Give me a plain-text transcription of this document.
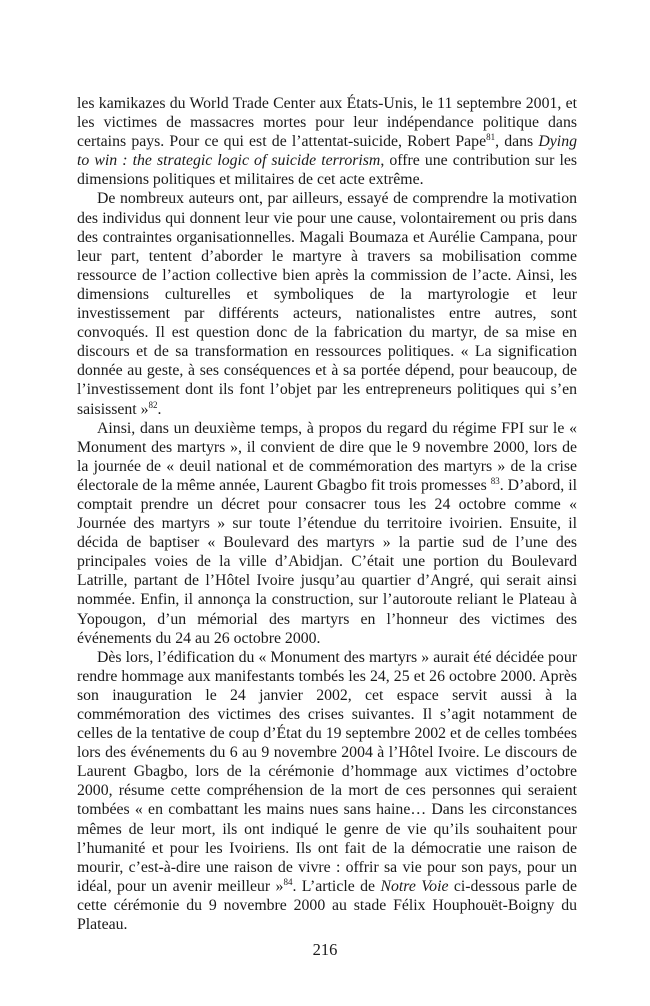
les kamikazes du World Trade Center aux États-Unis, le 11 septembre 2001, et les victimes de massacres mortes pour leur indépendance politique dans certains pays. Pour ce qui est de l’attentat-suicide, Robert Pape$^{81}$, dans Dying to win : the strategic logic of suicide terrorism, offre une contribution sur les dimensions politiques et militaires de cet acte extrême.

De nombreux auteurs ont, par ailleurs, essayé de comprendre la motivation des individus qui donnent leur vie pour une cause, volontairement ou pris dans des contraintes organisationnelles. Magali Boumaza et Aurélie Campana, pour leur part, tentent d’aborder le martyre à travers sa mobilisation comme ressource de l’action collective bien après la commission de l’acte. Ainsi, les dimensions culturelles et symboliques de la martyrologie et leur investissement par différents acteurs, nationalistes entre autres, sont convoqués. Il est question donc de la fabrication du martyr, de sa mise en discours et de sa transformation en ressources politiques. « La signification donnée au geste, à ses conséquences et à sa portée dépend, pour beaucoup, de l’investissement dont ils font l’objet par les entrepreneurs politiques qui s’en saisissent »$^{82}$.

Ainsi, dans un deuxième temps, à propos du regard du régime FPI sur le « Monument des martyrs », il convient de dire que le 9 novembre 2000, lors de la journée de « deuil national et de commémoration des martyrs » de la crise électorale de la même année, Laurent Gbagbo fit trois promesses $^{83}$. D’abord, il comptait prendre un décret pour consacrer tous les 24 octobre comme « Journée des martyrs » sur toute l’étendue du territoire ivoirien. Ensuite, il décida de baptiser « Boulevard des martyrs » la partie sud de l’une des principales voies de la ville d’Abidjan. C’était une portion du Boulevard Latrille, partant de l’Hôtel Ivoire jusqu’au quartier d’Angré, qui serait ainsi nommée. Enfin, il annonça la construction, sur l’autoroute reliant le Plateau à Yopougon, d’un mémorial des martyrs en l’honneur des victimes des événements du 24 au 26 octobre 2000.

Dès lors, l’édification du « Monument des martyrs » aurait été décidée pour rendre hommage aux manifestants tombés les 24, 25 et 26 octobre 2000. Après son inauguration le 24 janvier 2002, cet espace servit aussi à la commémoration des victimes des crises suivantes. Il s’agit notamment de celles de la tentative de coup d’État du 19 septembre 2002 et de celles tombées lors des événements du 6 au 9 novembre 2004 à l’Hôtel Ivoire. Le discours de Laurent Gbagbo, lors de la cérémonie d’hommage aux victimes d’octobre 2000, résume cette compréhension de la mort de ces personnes qui seraient tombées « en combattant les mains nues sans haine… Dans les circonstances mêmes de leur mort, ils ont indiqué le genre de vie qu’ils souhaitent pour l’humanité et pour les Ivoiriens. Ils ont fait de la démocratie une raison de mourir, c’est-à-dire une raison de vivre : offrir sa vie pour son pays, pour un idéal, pour un avenir meilleur »$^{84}$. L’article de Notre Voie ci-dessous parle de cette cérémonie du 9 novembre 2000 au stade Félix Houphouët-Boigny du Plateau.

216
